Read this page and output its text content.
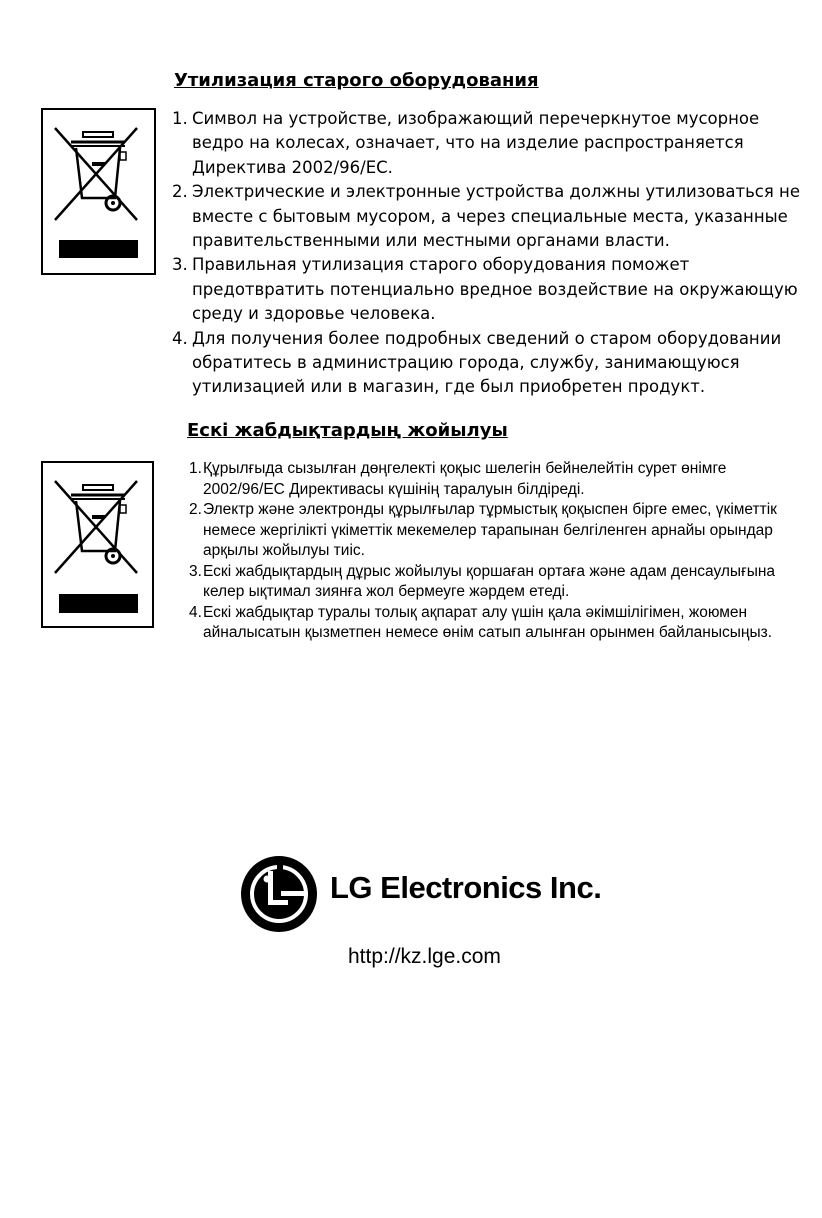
Утилизация старого оборудования
1. Символ на устройстве, изображающий перечеркнутое мусорное ведро на колесах, означает, что на изделие распространяется Директива 2002/96/EC.
2. Электрические и электронные устройства должны утилизоваться не вместе с бытовым мусором, а через специальные места, указанные правительственными или местными органами власти.
3. Правильная утилизация старого оборудования поможет предотвратить потенциально вредное воздействие на окружающую среду и здоровье человека.
4. Для получения более подробных сведений о старом оборудовании обратитесь в администрацию города, службу, занимающуюся утилизацией или в магазин, где был приобретен продукт.
Ескі жабдықтардың жойылуы
1. Құрылғыда сызылған дөңгелекті қоқыс шелегін бейнелейтін сурет өнімге 2002/96/EC Директивасы күшінің таралуын білдіреді.
2. Электр және электронды құрылғылар тұрмыстық қоқыспен бірге емес, үкіметтік немесе жергілікті үкіметтік мекемелер тарапынан белгіленген арнайы орындар арқылы жойылуы тиіс.
3. Ескі жабдықтардың дұрыс жойылуы қоршаған ортаға және адам денсаулығына келер ықтимал зиянға жол бермеуге жәрдем етеді.
4. Ескі жабдықтар туралы толық ақпарат алу үшін қала әкімшілігімен, жоюмен айналысатын қызметпен немесе өнім сатып алынған орынмен байланысыңыз.
LG Electronics Inc.
http://kz.lge.com
